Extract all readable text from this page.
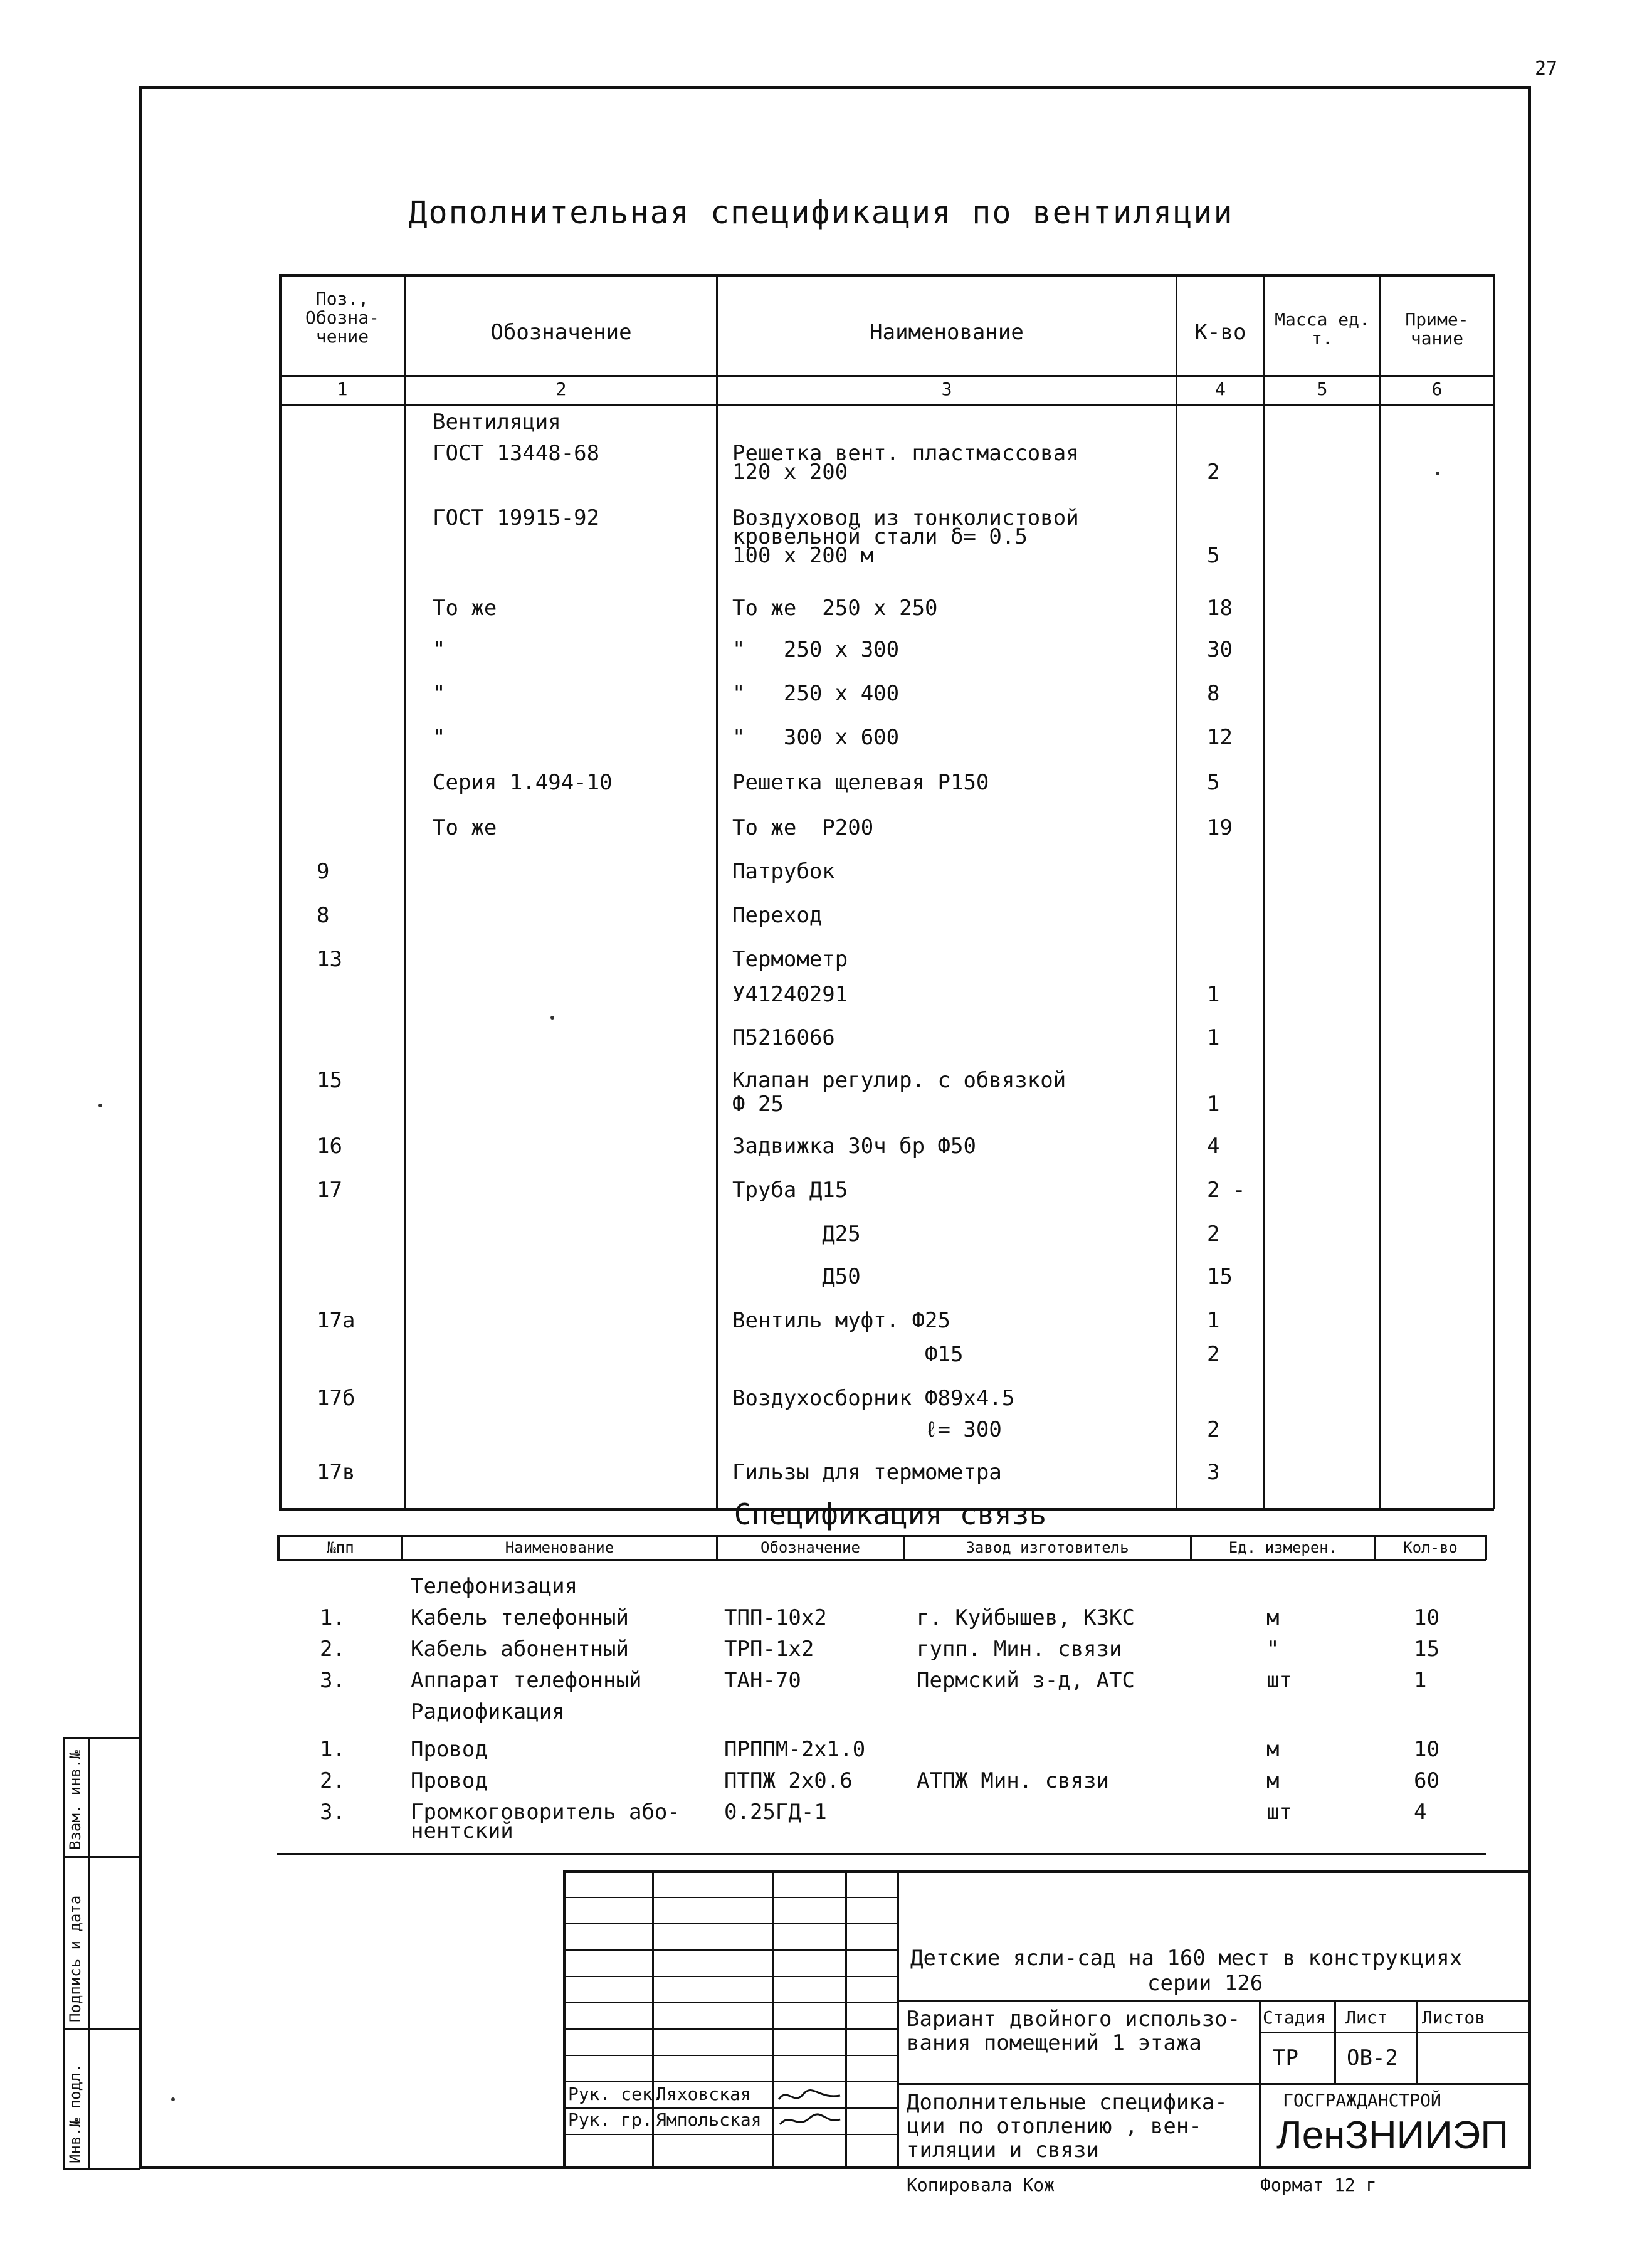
27
Дополнительная спецификация по вентиляции
Поз., Обозна-чение	Обозначение	Наименование	К-во
Масса ед. т.
Приме-чание
1	2	3	4	5	6
Вентиляция
ГОСТ 13448-68	Решетка вент. пластмассовая
120 х 200	2
ГОСТ 19915-92	Воздуховод из тонколистовой
кровельной стали δ= 0.5
100 х 200 м	5
То же	То же  250 х 250	18
"	"   250 х 300	30
"	"   250 х 400	8
"	"   300 х 600	12
Серия 1.494-10	Решетка щелевая Р150	5
То же	То же  Р200	19
9	Патрубок
8	Переход
13	Термометр
У41240291	1
П5216066	1
15	Клапан регулир. с обвязкой
Ф 25	1
16	Задвижка 30ч бр Ф50	4
17	Труба Д15	2 -
Д25	2
Д50	15
17а	Вентиль муфт. Ф25	1
Ф15	2
17б	Воздухосборник Ф89х4.5
ℓ= 300	2
17в	Гильзы для термометра	3
Спецификация связь
№пп	Наименование	Обозначение	Завод изготовитель	Ед. измерен.	Кол-во
Телефонизация
1.	Кабель телефонный	ТПП-10х2	г. Куйбышев, КЗКС	м	10
2.	Кабель абонентный	ТРП-1х2	гупп. Мин. связи	"	15
3.	Аппарат телефонный	ТАН-70	Пермский з-д, АТС	шт	1
Радиофикация
1.	Провод	ПРППМ-2х1.0	м	10
2.	Провод	ПТПЖ 2х0.6	АТПЖ Мин. связи	м	60
3.	Громкоговоритель або- 0.25ГД-1	шт	4
нентский
Рук. сек.
Ляховская
Рук. гр. Ямпольская
Детские ясли-сад на 160 мест в конструкциях
серии 126
Вариант двойного использо-
вания помещений 1 этажа
Стадия Лист Листов
ТР ОВ-2
Дополнительные спецификa-
ции по отоплению , вен-
тиляции и связи
ГОСГРАЖДАНСТРОЙ
ЛенЗНИИЭП
Копировала Кож	Формат 12 г
Инв.№ подл.
Подпись и дата
Взам. инв.№
